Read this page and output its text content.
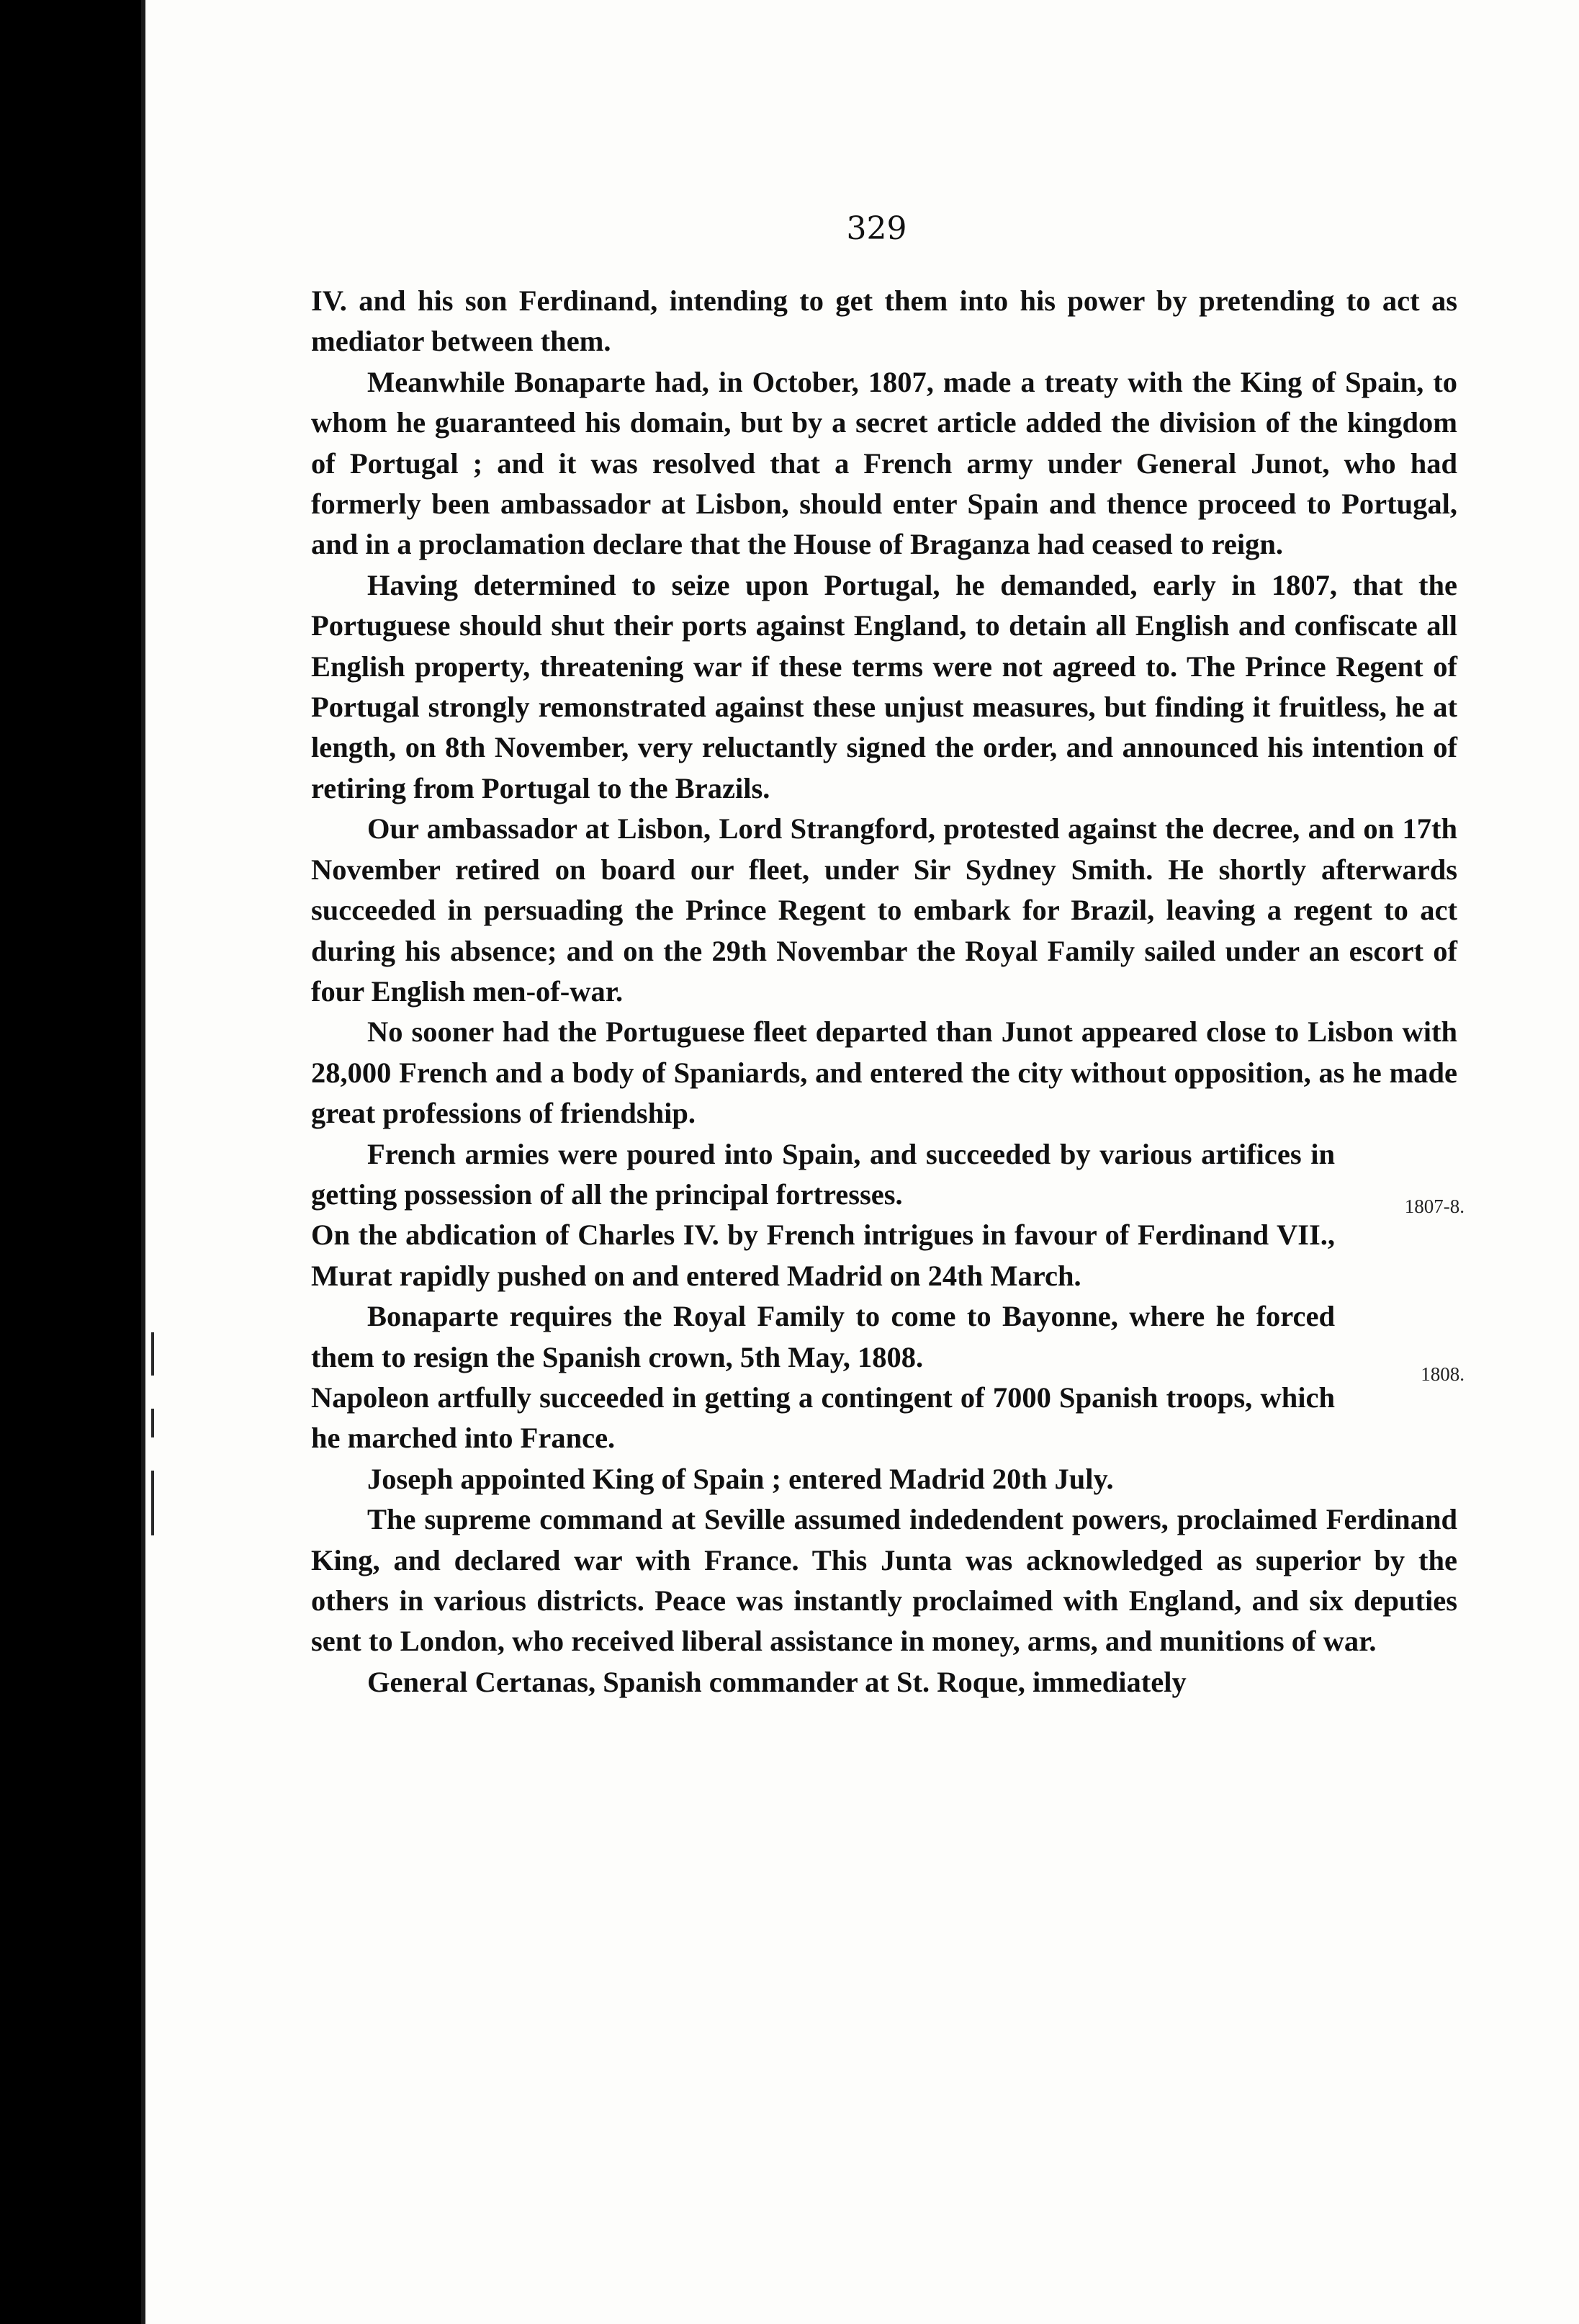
329

IV. and his son Ferdinand, intending to get them into his power by pretending to act as mediator between them.

Meanwhile Bonaparte had, in October, 1807, made a treaty with the King of Spain, to whom he guaranteed his domain, but by a secret article added the division of the kingdom of Portugal ; and it was resolved that a French army under General Junot, who had formerly been ambassador at Lisbon, should enter Spain and thence proceed to Portugal, and in a proclamation declare that the House of Braganza had ceased to reign.

Having determined to seize upon Portugal, he demanded, early in 1807, that the Portuguese should shut their ports against England, to detain all English and confiscate all English property, threatening war if these terms were not agreed to. The Prince Regent of Portugal strongly remonstrated against these unjust measures, but finding it fruitless, he at length, on 8th November, very reluctantly signed the order, and announced his intention of retiring from Portugal to the Brazils.

Our ambassador at Lisbon, Lord Strangford, protested against the decree, and on 17th November retired on board our fleet, under Sir Sydney Smith. He shortly afterwards succeeded in persuading the Prince Regent to embark for Brazil, leaving a regent to act during his absence; and on the 29th Novembar the Royal Family sailed under an escort of four English men-of-war.

No sooner had the Portuguese fleet departed than Junot appeared close to Lisbon with 28,000 French and a body of Spaniards, and entered the city without opposition, as he made great professions of friendship.

French armies were poured into Spain, and succeeded by various artifices in getting possession of all the principal fortresses.	1807-8.

On the abdication of Charles IV. by French intrigues in favour of Ferdinand VII., Murat rapidly pushed on and entered Madrid on 24th March.

Bonaparte requires the Royal Family to come to Bayonne, where he forced them to resign the Spanish crown, 5th May, 1808.

1808.

Napoleon artfully succeeded in getting a contingent of 7000 Spanish troops, which he marched into France.

Joseph appointed King of Spain ; entered Madrid 20th July.

The supreme command at Seville assumed indedendent powers, proclaimed Ferdinand King, and declared war with France. This Junta was acknowledged as superior by the others in various districts. Peace was instantly proclaimed with England, and six deputies sent to London, who received liberal assistance in money, arms, and munitions of war.

General Certanas, Spanish commander at St. Roque, immediately
